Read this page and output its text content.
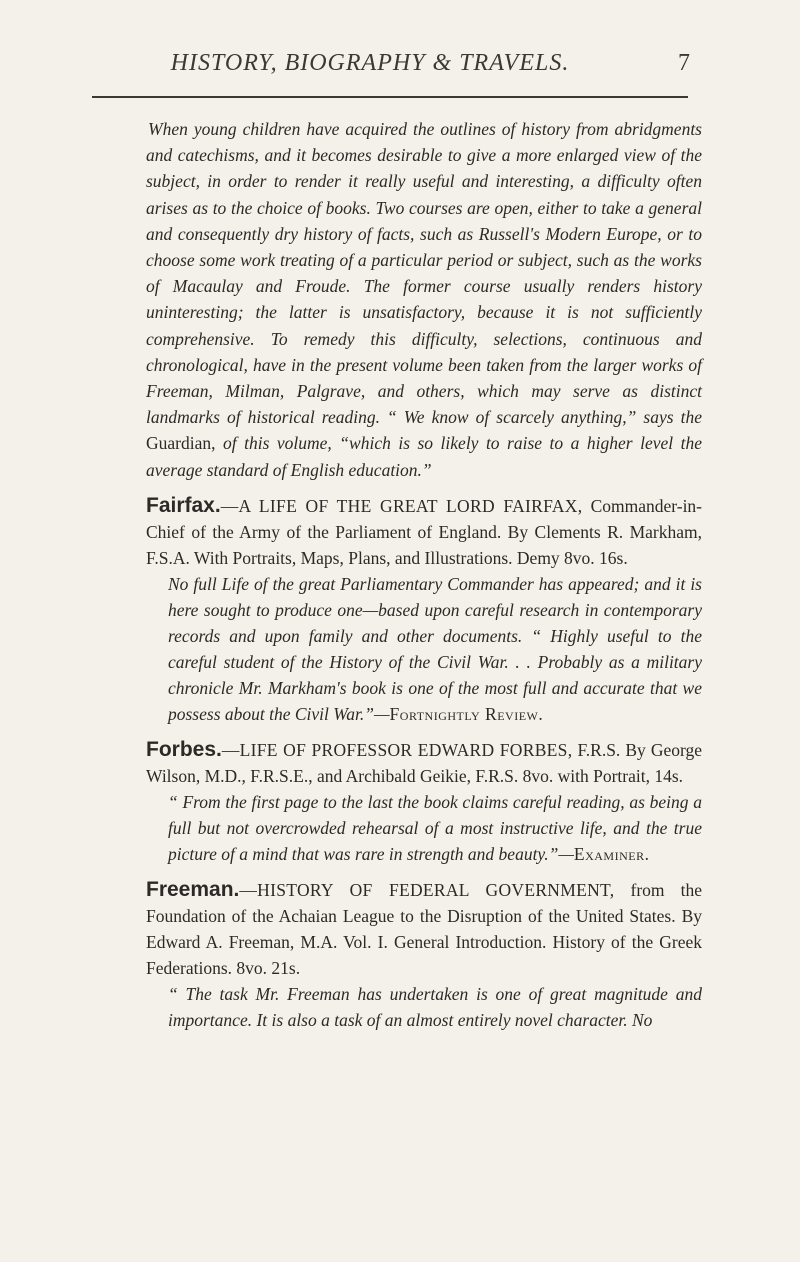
HISTORY, BIOGRAPHY & TRAVELS.	7

When young children have acquired the outlines of history from abridgments and catechisms, and it becomes desirable to give a more enlarged view of the subject, in order to render it really useful and interesting, a difficulty often arises as to the choice of books. Two courses are open, either to take a general and consequently dry history of facts, such as Russell's Modern Europe, or to choose some work treating of a particular period or subject, such as the works of Macaulay and Froude. The former course usually renders history uninteresting; the latter is unsatisfactory, because it is not sufficiently comprehensive. To remedy this difficulty, selections, continuous and chronological, have in the present volume been taken from the larger works of Freeman, Milman, Palgrave, and others, which may serve as distinct landmarks of historical reading. “ We know of scarcely anything,” says the Guardian, of this volume, “which is so likely to raise to a higher level the average standard of English education.”

Fairfax.—A LIFE OF THE GREAT LORD FAIRFAX, Commander-in-Chief of the Army of the Parliament of England. By Clements R. Markham, F.S.A. With Portraits, Maps, Plans, and Illustrations. Demy 8vo. 16s.

No full Life of the great Parliamentary Commander has appeared; and it is here sought to produce one—based upon careful research in contemporary records and upon family and other documents. “ Highly useful to the careful student of the History of the Civil War. . . Probably as a military chronicle Mr. Markham's book is one of the most full and accurate that we possess about the Civil War.”—Fortnightly Review.

Forbes.—LIFE OF PROFESSOR EDWARD FORBES, F.R.S. By George Wilson, M.D., F.R.S.E., and Archibald Geikie, F.R.S. 8vo. with Portrait, 14s.

“ From the first page to the last the book claims careful reading, as being a full but not overcrowded rehearsal of a most instructive life, and the true picture of a mind that was rare in strength and beauty.”—Examiner.

Freeman.—HISTORY OF FEDERAL GOVERNMENT, from the Foundation of the Achaian League to the Disruption of the United States. By Edward A. Freeman, M.A. Vol. I. General Introduction. History of the Greek Federations. 8vo. 21s.

“ The task Mr. Freeman has undertaken is one of great magnitude and importance. It is also a task of an almost entirely novel character. No
